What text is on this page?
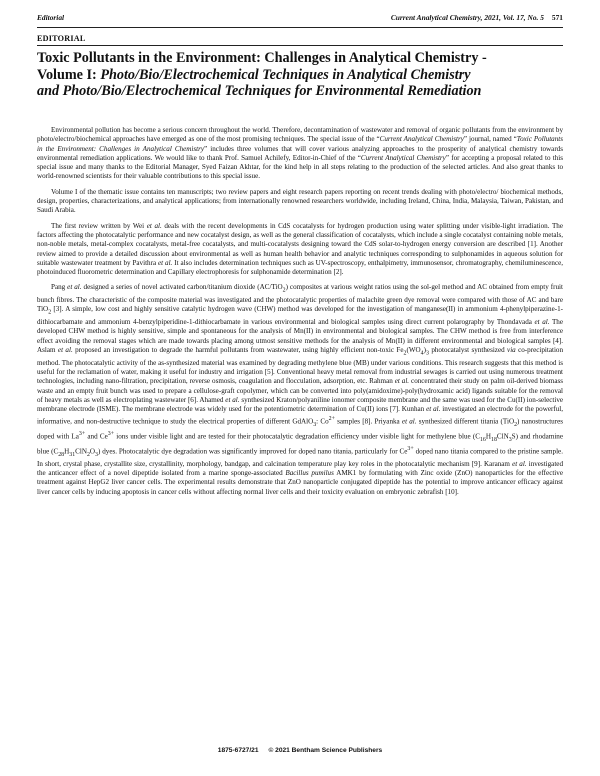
Editorial	Current Analytical Chemistry, 2021, Vol. 17, No. 5 571
EDITORIAL
Toxic Pollutants in the Environment: Challenges in Analytical Chemistry -
Volume I: Photo/Bio/Electrochemical Techniques in Analytical Chemistry
and Photo/Bio/Electrochemical Techniques for Environmental Remediation

Environmental pollution has become a serious concern throughout the world. Therefore, decontamination of wastewater and removal of organic pollutants from the environment by photo/electro/biochemical approaches have emerged as one of the most promising techniques. The special issue of the “Current Analytical Chemistry” journal, named “Toxic Pollutants in the Environment: Challenges in Analytical Chemistry” includes three volumes that will cover various analyzing approaches to the prosperity of analytical chemistry towards environmental remediation applications. We would like to thank Prof. Samuel Achilefy, Editor-in-Chief of the “Current Analytical Chemistry” for accepting a proposal related to this special issue and many thanks to the Editorial Manager, Syed Faizan Akhtar, for the kind help in all steps relating to the production of the selected articles. And also great thanks to world-renowned scientists for their valuable contributions to this special issue.

Volume I of the thematic issue contains ten manuscripts; two review papers and eight research papers reporting on recent trends dealing with photo/electro/ biochemical methods, design, properties, characterizations, and analytical applications; from internationally renowned researchers worldwide, including Ireland, China, India, Malaysia, Taiwan, Pakistan, and Saudi Arabia.

The first review written by Wei et al. deals with the recent developments in CdS cocatalysts for hydrogen production using water splitting under visible-light irradiation. The factors affecting the photocatalytic performance and new cocatalyst design, as well as the general classification of cocatalysts, which include a single cocatalyst containing noble metals, non-noble metals, metal-complex cocatalysts, metal-free cocatalysts, and multi-cocatalysts designing toward the CdS solar-to-hydrogen energy conversion are described [1]. Another review aimed to provide a detailed discussion about environmental as well as human health behavior and analytic techniques corresponding to sulphonamides in aqueous solution for suitable wastewater treatment by Pavithra et al. It also includes determination techniques such as UV-spectroscopy, enthalpimetry, immunosensor, chromatography, chemiluminescence, photoinduced fluorometric determination and Capillary electrophoresis for sulphonamide determination [2].

Pang et al. designed a series of novel activated carbon/titanium dioxide (AC/TiO$_2$) composites at various weight ratios using the sol-gel method and AC obtained from empty fruit bunch fibres. The characteristic of the composite material was investigated and the photocatalytic properties of malachite green dye removal were compared with those of AC and bare TiO$_2$ [3]. A simple, low cost and highly sensitive catalytic hydrogen wave (CHW) method was developed for the investigation of manganese(II) in ammonium 4-phenylpiperazine-1-dithiocarbamate and ammonium 4-benzylpiperidine-1-dithiocarbamate in various environmental and biological samples using direct current polarography by Thondavada et al. The developed CHW method is highly sensitive, simple and spontaneous for the analysis of Mn(II) in environmental and biological samples. The CHW method is free from interference effect avoiding the removal stages which are made towards placing among utmost sensitive methods for the analysis of Mn(II) in different environmental and biological samples [4]. Aslam et al. proposed an investigation to degrade the harmful pollutants from wastewater, using highly efficient non-toxic $Fe_2(WO_4)_3$ photocatalyst synthesized via co-precipitation method. The photocatalytic activity of the as-synthesized material was examined by degrading methylene blue (MB) under various conditions. This research suggests that this method is useful for the reclamation of water, making it useful for industry and irrigation [5]. Conventional heavy metal removal from industrial sewages is carried out using numerous treatment technologies, including nano-filtration, precipitation, reverse osmosis, coagulation and flocculation, adsorption, etc. Rahman et al. concentrated their study on palm oil-derived biomass waste and an empty fruit bunch was used to prepare a cellulose-graft copolymer, which can be converted into poly(amidoxime)-poly(hydroxamic acid) ligands suitable for the removal of heavy metals as well as electroplating wastewater [6]. Ahamed et al. synthesized Kraton/polyaniline ionomer composite membrane and the same was used for the Cu(II) ion-selective membrane electrode (ISME). The membrane electrode was widely used for the potentiometric determination of Cu(II) ions [7]. Kunhan et al. investigated an electrode for the powerful, informative, and non-destructive technique to study the electrical properties of different GdAlO$_3$: $Co^{2+}$ samples [8]. Priyanka et al. synthesized different titania (TiO$_2$) nanostructures doped with $La^{3+}$ and $Ce^{3+}$ ions under visible light and are tested for their photocatalytic degradation efficiency under visible light for methylene blue $(C_{16}H_{18}ClN_3S)$ and rhodamine blue $(C_{28}H_{31}ClN_2O_3)$ dyes. Photocatalytic dye degradation was significantly improved for doped nano titania, particularly for $Ce^{3+}$ doped nano titania compared to the pristine sample. In short, crystal phase, crystallite size, crystallinity, morphology, bandgap, and calcination temperature play key roles in the photocatalytic mechanism [9]. Karanam et al. investigated the anticancer effect of a novel dipeptide isolated from a marine sponge-associated Bacillus pumilus AMK1 by formulating with Zinc oxide (ZnO) nanoparticles for the effective treatment against HepG2 liver cancer cells. The experimental results demonstrate that ZnO nanoparticle conjugated dipeptide has the potential to improve anticancer efficacy against liver cancer cells by inducing apoptosis in cancer cells without affecting normal liver cells and their toxicity evaluation on embryonic zebrafish [10].

1875-6727/21 © 2021 Bentham Science Publishers
